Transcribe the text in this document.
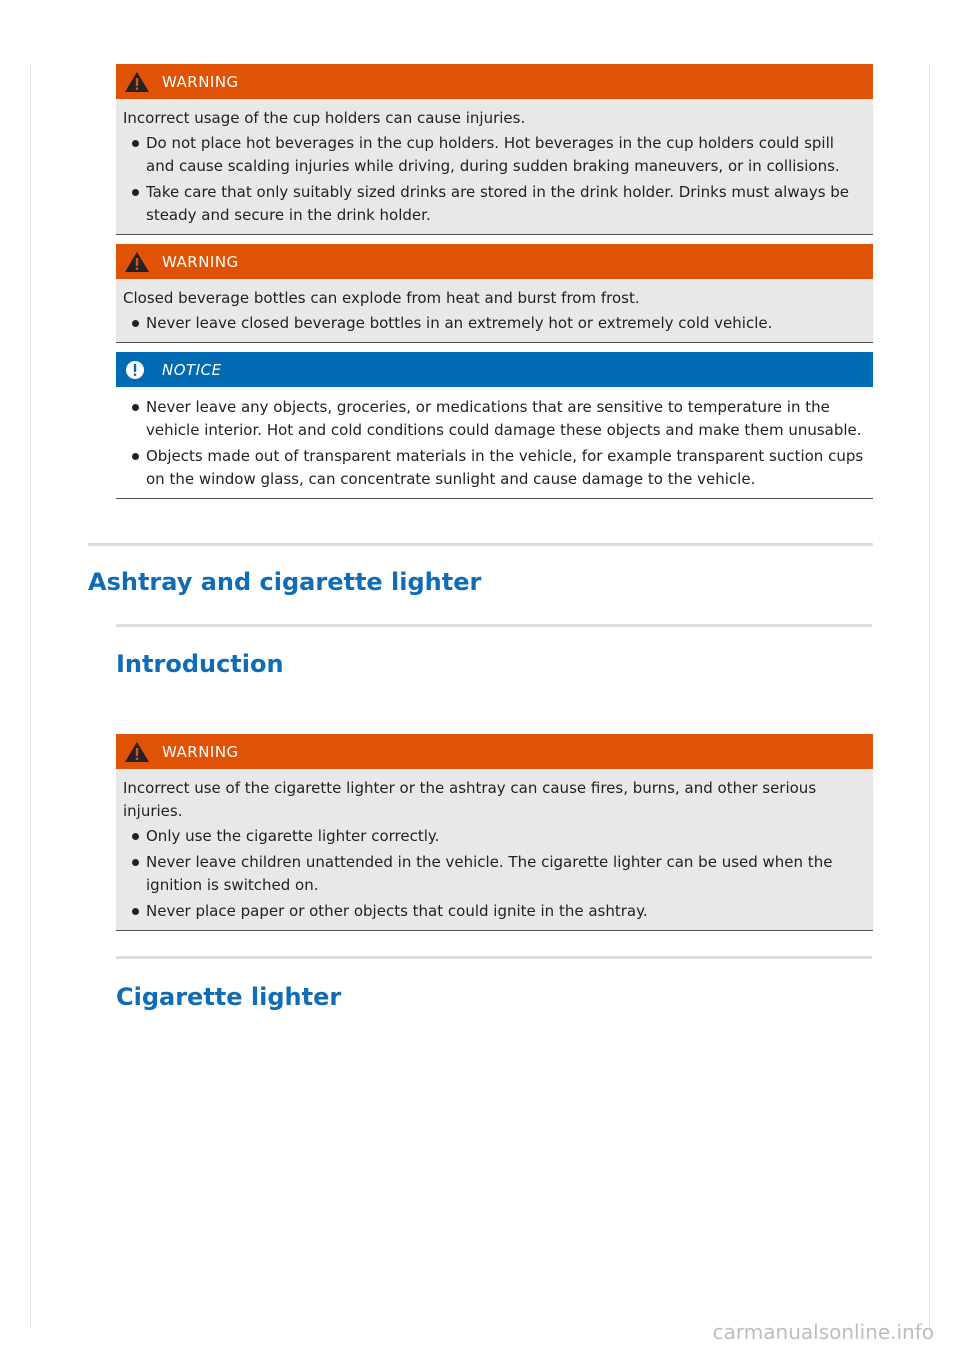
WARNING

Incorrect usage of the cup holders can cause injuries.

Do not place hot beverages in the cup holders. Hot beverages in the cup holders could spill and cause scalding injuries while driving, during sudden braking maneuvers, or in collisions.
Take care that only suitably sized drinks are stored in the drink holder. Drinks must always be steady and secure in the drink holder.
WARNING

Closed beverage bottles can explode from heat and burst from frost.

Never leave closed beverage bottles in an extremely hot or extremely cold vehicle.
NOTICE
Never leave any objects, groceries, or medications that are sensitive to temperature in the vehicle interior. Hot and cold conditions could damage these objects and make them unusable.
Objects made out of transparent materials in the vehicle, for example transparent suction cups on the window glass, can concentrate sunlight and cause damage to the vehicle.
Ashtray and cigarette lighter
Introduction
WARNING

Incorrect use of the cigarette lighter or the ashtray can cause fires, burns, and other serious injuries.

Only use the cigarette lighter correctly.
Never leave children unattended in the vehicle. The cigarette lighter can be used when the ignition is switched on.
Never place paper or other objects that could ignite in the ashtray.
Cigarette lighter
carmanualsonline.info
